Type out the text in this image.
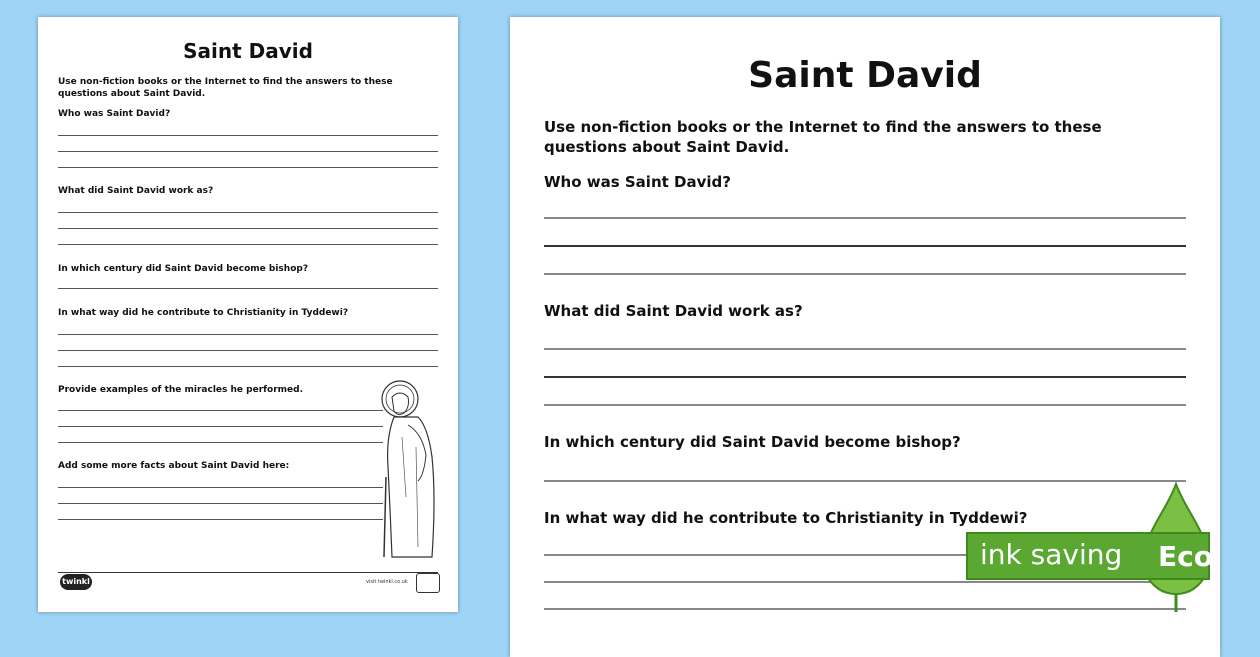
Saint David
Use non-fiction books or the Internet to find the answers to these questions about Saint David.
Who was Saint David?
What did Saint David work as?
In which century did Saint David become bishop?
In what way did he contribute to Christianity in Tyddewi?
Provide examples of the miracles he performed.
Add some more facts about Saint David here:
twinkl	visit twinkl.co.uk
Saint David
Use non-fiction books or the Internet to find the answers to these questions about Saint David.
Who was Saint David?
What did Saint David work as?
In which century did Saint David become bishop?
In what way did he contribute to Christianity in Tyddewi?
ink saving Eco
